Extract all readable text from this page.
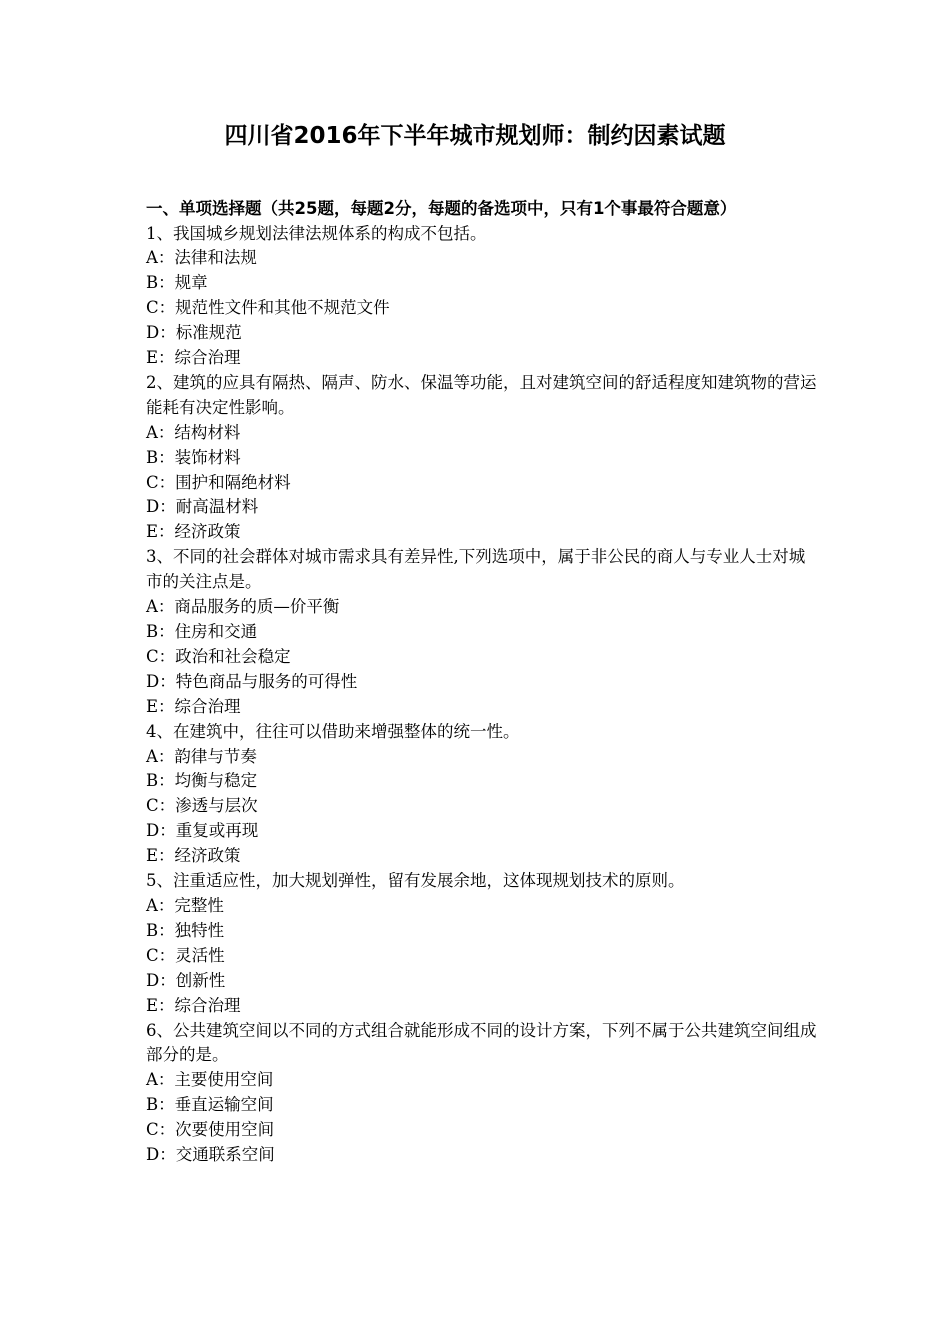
四川省2016年下半年城市规划师：制约因素试题

一、单项选择题（共25题，每题2分，每题的备选项中，只有1个事最符合题意）

1、我国城乡规划法律法规体系的构成不包括。

A：法律和法规

B：规章

C：规范性文件和其他不规范文件

D：标准规范

E：综合治理

2、建筑的应具有隔热、隔声、防水、保温等功能，且对建筑空间的舒适程度知建筑物的营运能耗有决定性影响。

A：结构材料

B：装饰材料

C：围护和隔绝材料

D：耐高温材料

E：经济政策

3、不同的社会群体对城市需求具有差异性,下列选项中，属于非公民的商人与专业人士对城市的关注点是。

A：商品服务的质—价平衡

B：住房和交通

C：政治和社会稳定

D：特色商品与服务的可得性

E：综合治理

4、在建筑中，往往可以借助来增强整体的统一性。

A：韵律与节奏

B：均衡与稳定

C：渗透与层次

D：重复或再现

E：经济政策

5、注重适应性，加大规划弹性，留有发展余地，这体现规划技术的原则。

A：完整性

B：独特性

C：灵活性

D：创新性

E：综合治理

6、公共建筑空间以不同的方式组合就能形成不同的设计方案，下列不属于公共建筑空间组成部分的是。

A：主要使用空间

B：垂直运输空间

C：次要使用空间

D：交通联系空间
